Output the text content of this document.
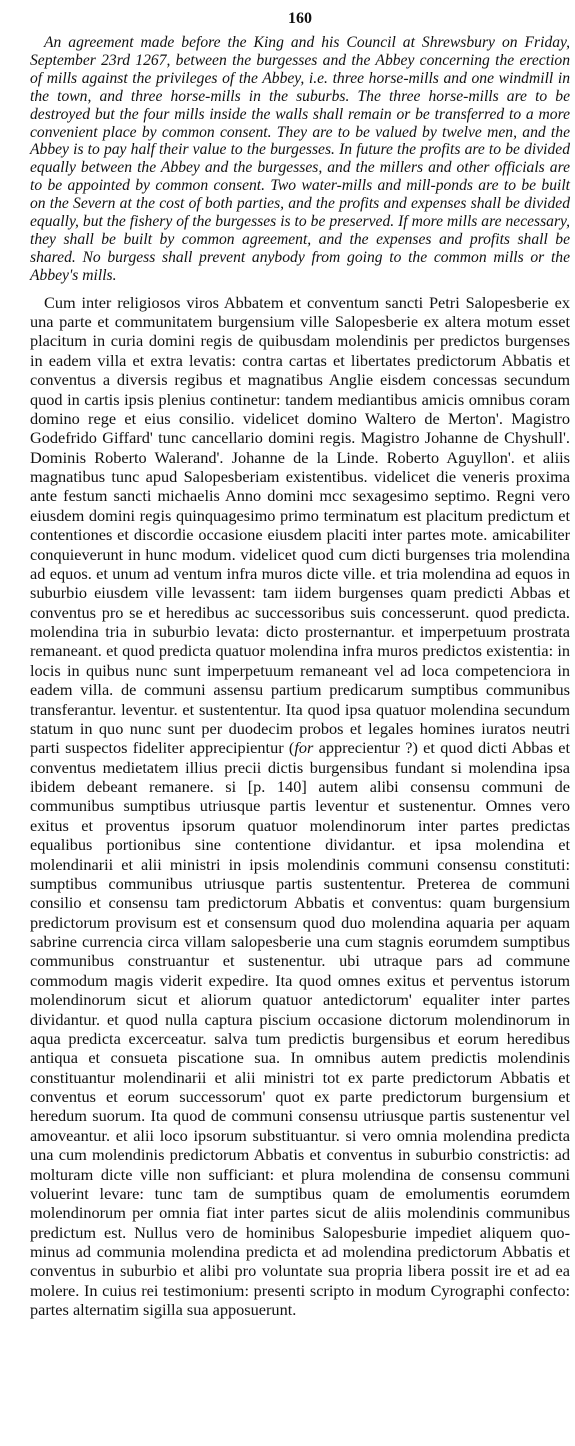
160

An agreement made before the King and his Council at Shrewsbury on Friday, September 23rd 1267, between the burgesses and the Abbey concerning the erection of mills against the privileges of the Abbey, i.e. three horse-mills and one windmill in the town, and three horse-mills in the suburbs. The three horse-mills are to be destroyed but the four mills inside the walls shall remain or be transferred to a more convenient place by common consent. They are to be valued by twelve men, and the Abbey is to pay half their value to the burgesses. In future the profits are to be divided equally between the Abbey and the burgesses, and the millers and other officials are to be appointed by common consent. Two water-mills and mill-ponds are to be built on the Severn at the cost of both parties, and the profits and expenses shall be divided equally, but the fishery of the burgesses is to be preserved. If more mills are necessary, they shall be built by common agreement, and the expenses and profits shall be shared. No burgess shall prevent anybody from going to the common mills or the Abbey's mills.

Cum inter religiosos viros Abbatem et conventum sancti Petri Salopesberie ex una parte et communitatem burgensium ville Salopesberie ex altera motum esset placitum in curia domini regis de quibusdam molendinis per predictos burgenses in eadem villa et extra levatis: contra cartas et libertates predictorum Abbatis et conventus a diversis regibus et magnatibus Anglie eisdem concessas secundum quod in cartis ipsis plenius continetur: tandem mediantibus amicis omnibus coram domino rege et eius consilio. videlicet domino Waltero de Merton'. Magistro Godefrido Giffard' tunc cancellario domini regis. Magistro Johanne de Chyshull'. Dominis Roberto Walerand'. Johanne de la Linde. Roberto Aguyllon'. et aliis magnatibus tunc apud Salopesberiam existentibus. videlicet die veneris proxima ante festum sancti michaelis Anno domini mcc sexagesimo septimo. Regni vero eiusdem domini regis quinquagesimo primo terminatum est placitum predictum et contentiones et discordie occasione eiusdem placiti inter partes mote. amicabiliter conquieverunt in hunc modum. videlicet quod cum dicti burgenses tria molendina ad equos. et unum ad ventum infra muros dicte ville. et tria molendina ad equos in suburbio eiusdem ville levassent: tam iidem burgenses quam predicti Abbas et conventus pro se et heredibus ac successoribus suis concesserunt. quod predicta. molendina tria in suburbio levata: dicto prosternantur. et imperpetuum prostrata remaneant. et quod predicta quatuor molendina infra muros predictos existentia: in locis in quibus nunc sunt imperpetuum remaneant vel ad loca competenciora in eadem villa. de communi assensu partium predicarum sumptibus communibus transferantur. leventur. et sustententur. Ita quod ipsa quatuor molendina secundum statum in quo nunc sunt per duodecim probos et legales homines iuratos neutri parti suspectos fideliter apprecipientur (for apprecientur ?) et quod dicti Abbas et conventus medietatem illius precii dictis burgensibus fundant si molendina ipsa ibidem debeant remanere. si [p. 140] autem alibi consensu communi de communibus sumptibus utriusque partis leventur et sustenentur. Omnes vero exitus et proventus ipsorum quatuor molendinorum inter partes predictas equalibus portionibus sine contentione dividantur. et ipsa molendina et molendinarii et alii ministri in ipsis molendinis communi consensu constituti: sumptibus communibus utriusque partis sustententur. Preterea de communi consilio et consensu tam predictorum Abbatis et conventus: quam burgensium predictorum provisum est et consensum quod duo molendina aquaria per aquam sabrine currencia circa villam salopesberie una cum stagnis eorumdem sumptibus communibus construantur et sustenentur. ubi utraque pars ad commune commodum magis viderit expedire. Ita quod omnes exitus et perventus istorum molendinorum sicut et aliorum quatuor antedictorum' equaliter inter partes dividantur. et quod nulla captura piscium occasione dictorum molendinorum in aqua predicta excerceatur. salva tum predictis burgensibus et eorum heredibus antiqua et consueta piscatione sua. In omnibus autem predictis molendinis constituantur molendinarii et alii ministri tot ex parte predictorum Abbatis et conventus et eorum successorum' quot ex parte predictorum burgensium et heredum suorum. Ita quod de communi consensu utriusque partis sustenentur vel amoveantur. et alii loco ipsorum substituantur. si vero omnia molendina predicta una cum molendinis predictorum Abbatis et conventus in suburbio constrictis: ad molturam dicte ville non sufficiant: et plura molendina de consensu communi voluerint levare: tunc tam de sumptibus quam de emolumentis eorumdem molendinorum per omnia fiat inter partes sicut de aliis molendinis communibus predictum est. Nullus vero de hominibus Salopesburie impediet aliquem quo- minus ad communia molendina predicta et ad molendina predictorum Abbatis et conventus in suburbio et alibi pro voluntate sua propria libera possit ire et ad ea molere. In cuius rei testimonium: presenti scripto in modum Cyrographi confecto: partes alternatim sigilla sua apposuerunt.
